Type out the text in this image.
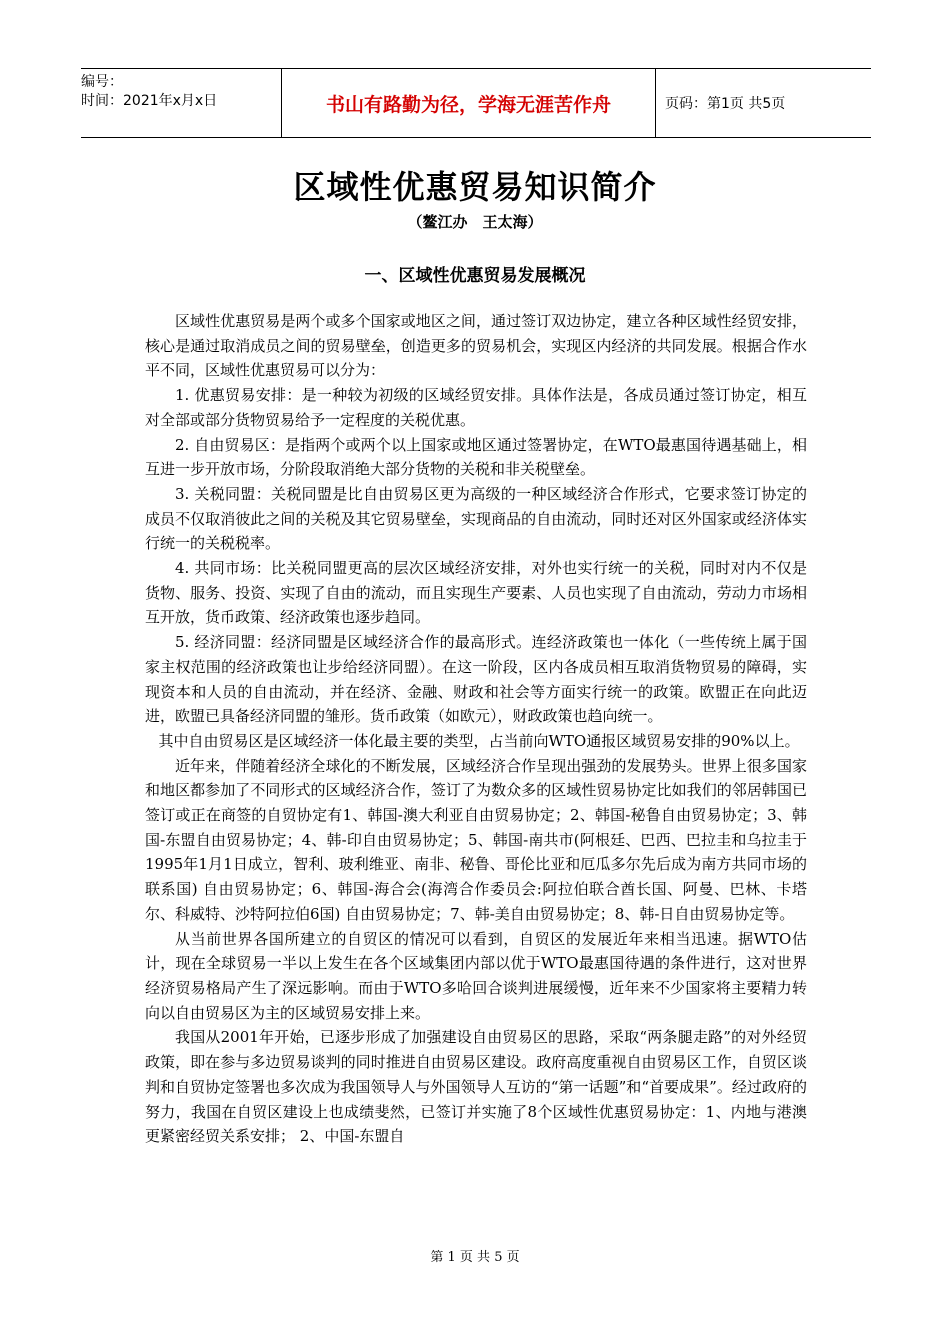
编号：
时间：2021年x月x日	书山有路勤为径，学海无涯苦作舟	页码：第1页 共5页
区域性优惠贸易知识简介
（鳌江办　王太海）
一、区域性优惠贸易发展概况

区域性优惠贸易是两个或多个国家或地区之间，通过签订双边协定，建立各种区域性经贸安排，核心是通过取消成员之间的贸易壁垒，创造更多的贸易机会，实现区内经济的共同发展。根据合作水平不同，区域性优惠贸易可以分为：

1. 优惠贸易安排：是一种较为初级的区域经贸安排。具体作法是，各成员通过签订协定，相互对全部或部分货物贸易给予一定程度的关税优惠。

2. 自由贸易区：是指两个或两个以上国家或地区通过签署协定，在WTO最惠国待遇基础上，相互进一步开放市场，分阶段取消绝大部分货物的关税和非关税壁垒。

3. 关税同盟：关税同盟是比自由贸易区更为高级的一种区域经济合作形式，它要求签订协定的成员不仅取消彼此之间的关税及其它贸易壁垒，实现商品的自由流动，同时还对区外国家或经济体实行统一的关税税率。

4. 共同市场：比关税同盟更高的层次区域经济安排，对外也实行统一的关税，同时对内不仅是货物、服务、投资、实现了自由的流动，而且实现生产要素、人员也实现了自由流动，劳动力市场相互开放，货币政策、经济政策也逐步趋同。

5. 经济同盟：经济同盟是区域经济合作的最高形式。连经济政策也一体化（一些传统上属于国家主权范围的经济政策也让步给经济同盟）。在这一阶段，区内各成员相互取消货物贸易的障碍，实现资本和人员的自由流动，并在经济、金融、财政和社会等方面实行统一的政策。欧盟正在向此迈进，欧盟已具备经济同盟的雏形。货币政策（如欧元），财政政策也趋向统一。

其中自由贸易区是区域经济一体化最主要的类型，占当前向WTO通报区域贸易安排的90%以上。

近年来，伴随着经济全球化的不断发展，区域经济合作呈现出强劲的发展势头。世界上很多国家和地区都参加了不同形式的区域经济合作，签订了为数众多的区域性贸易协定比如我们的邻居韩国已签订或正在商签的自贸协定有1、韩国-澳大利亚自由贸易协定；2、韩国-秘鲁自由贸易协定；3、韩国-东盟自由贸易协定；4、韩-印自由贸易协定；5、韩国-南共市(阿根廷、巴西、巴拉圭和乌拉圭于1995年1月1日成立，智利、玻利维亚、南非、秘鲁、哥伦比亚和厄瓜多尔先后成为南方共同市场的联系国) 自由贸易协定；6、韩国-海合会(海湾合作委员会:阿拉伯联合酋长国、阿曼、巴林、卡塔尔、科威特、沙特阿拉伯6国) 自由贸易协定；7、韩-美自由贸易协定；8、韩-日自由贸易协定等。

从当前世界各国所建立的自贸区的情况可以看到，自贸区的发展近年来相当迅速。据WTO估计，现在全球贸易一半以上发生在各个区域集团内部以优于WTO最惠国待遇的条件进行，这对世界经济贸易格局产生了深远影响。而由于WTO多哈回合谈判进展缓慢，近年来不少国家将主要精力转向以自由贸易区为主的区域贸易安排上来。

我国从2001年开始，已逐步形成了加强建设自由贸易区的思路，采取“两条腿走路”的对外经贸政策，即在参与多边贸易谈判的同时推进自由贸易区建设。政府高度重视自由贸易区工作，自贸区谈判和自贸协定签署也多次成为我国领导人与外国领导人互访的“第一话题”和“首要成果”。经过政府的努力，我国在自贸区建设上也成绩斐然，已签订并实施了8个区域性优惠贸易协定：1、内地与港澳更紧密经贸关系安排； 2、中国-东盟自

第 1 页 共 5 页
